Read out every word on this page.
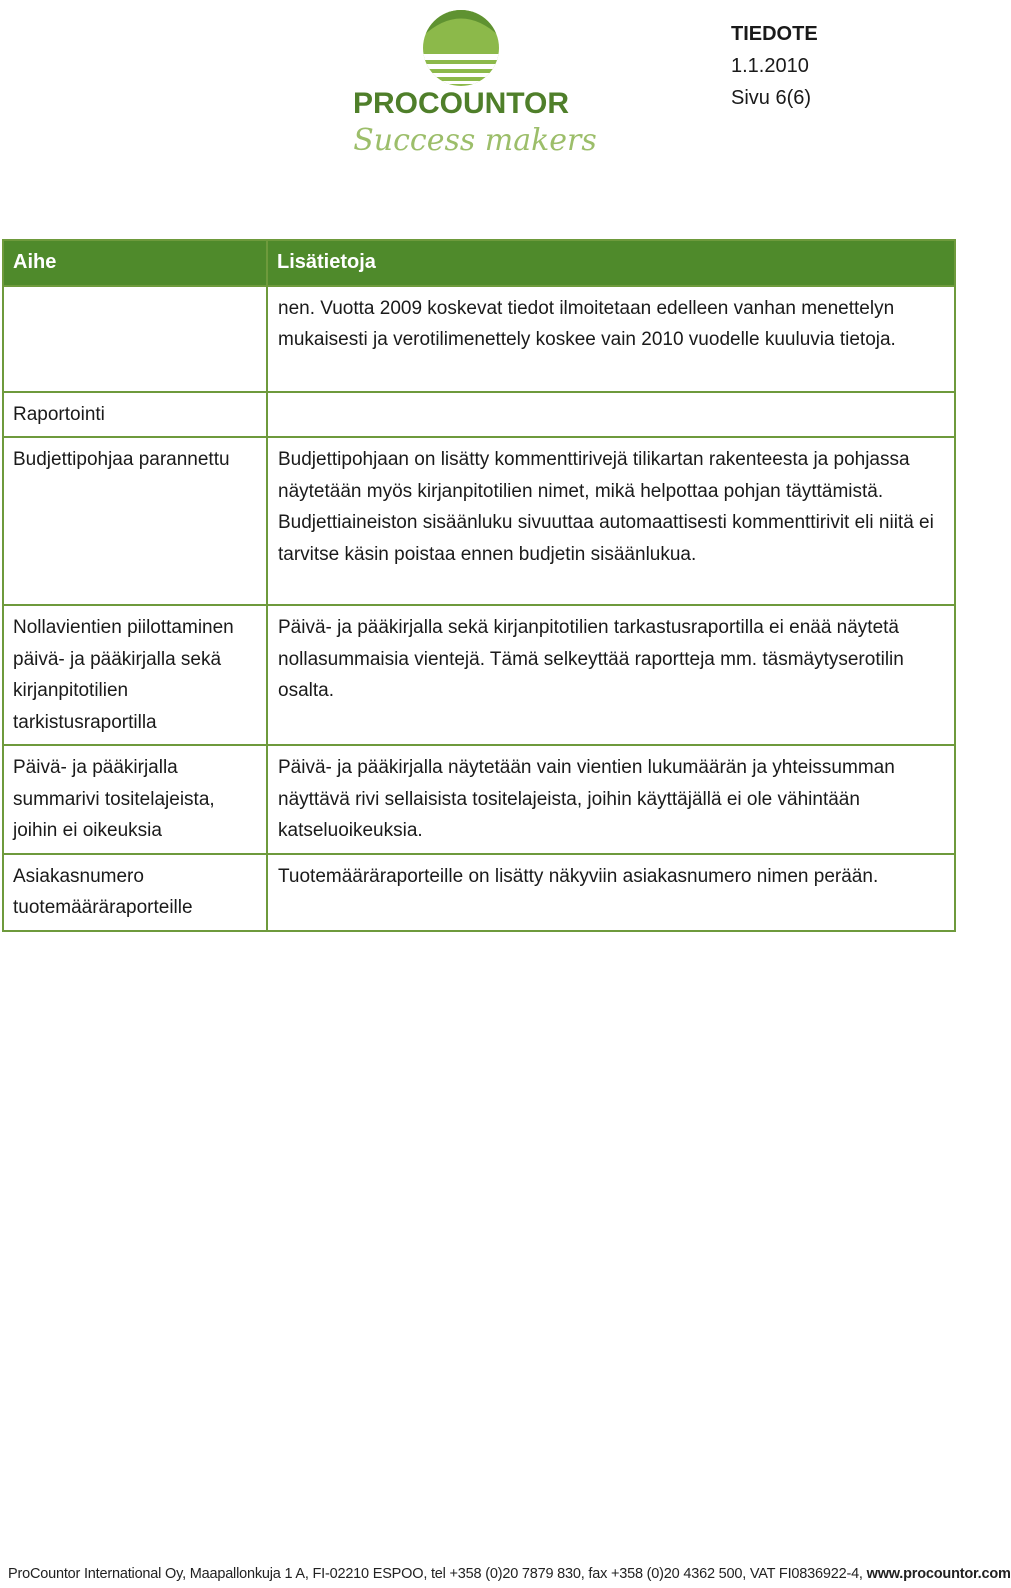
PROCOUNTOR
Success makers
TIEDOTE
1.1.2010
Sivu 6(6)
Aihe	Lisätietoja
	nen. Vuotta 2009 koskevat tiedot ilmoitetaan edelleen vanhan menettelyn mukaisesti ja verotilimenettely koskee vain 2010 vuodelle kuuluvia tietoja.
Raportointi	
Budjettipohjaa parannettu	Budjettipohjaan on lisätty kommenttirivejä tilikartan rakenteesta ja pohjassa näytetään myös kirjanpitotilien nimet, mikä helpottaa pohjan täyttämistä. Budjettiaineiston sisäänluku sivuuttaa automaattisesti kommenttirivit eli niitä ei tarvitse käsin poistaa ennen budjetin sisäänlukua.
Nollavientien piilottaminen päivä- ja pääkirjalla sekä kirjanpitotilien tarkistusraportilla	Päivä- ja pääkirjalla sekä kirjanpitotilien tarkastusraportilla ei enää näytetä nollasummaisia vientejä. Tämä selkeyttää raportteja mm. täsmäytyserotilin osalta.
Päivä- ja pääkirjalla summarivi tositelajeista, joihin ei oikeuksia	Päivä- ja pääkirjalla näytetään vain vientien lukumäärän ja yhteissumman näyttävä rivi sellaisista tositelajeista, joihin käyttäjällä ei ole vähintään katseluoikeuksia.
Asiakasnumero tuotemääräraporteille	Tuotemääräraporteille on lisätty näkyviin asiakasnumero nimen perään.
ProCountor International Oy, Maapallonkuja 1 A, FI-02210 ESPOO, tel +358 (0)20 7879 830, fax +358 (0)20 4362 500, VAT FI0836922-4, www.procountor.com
